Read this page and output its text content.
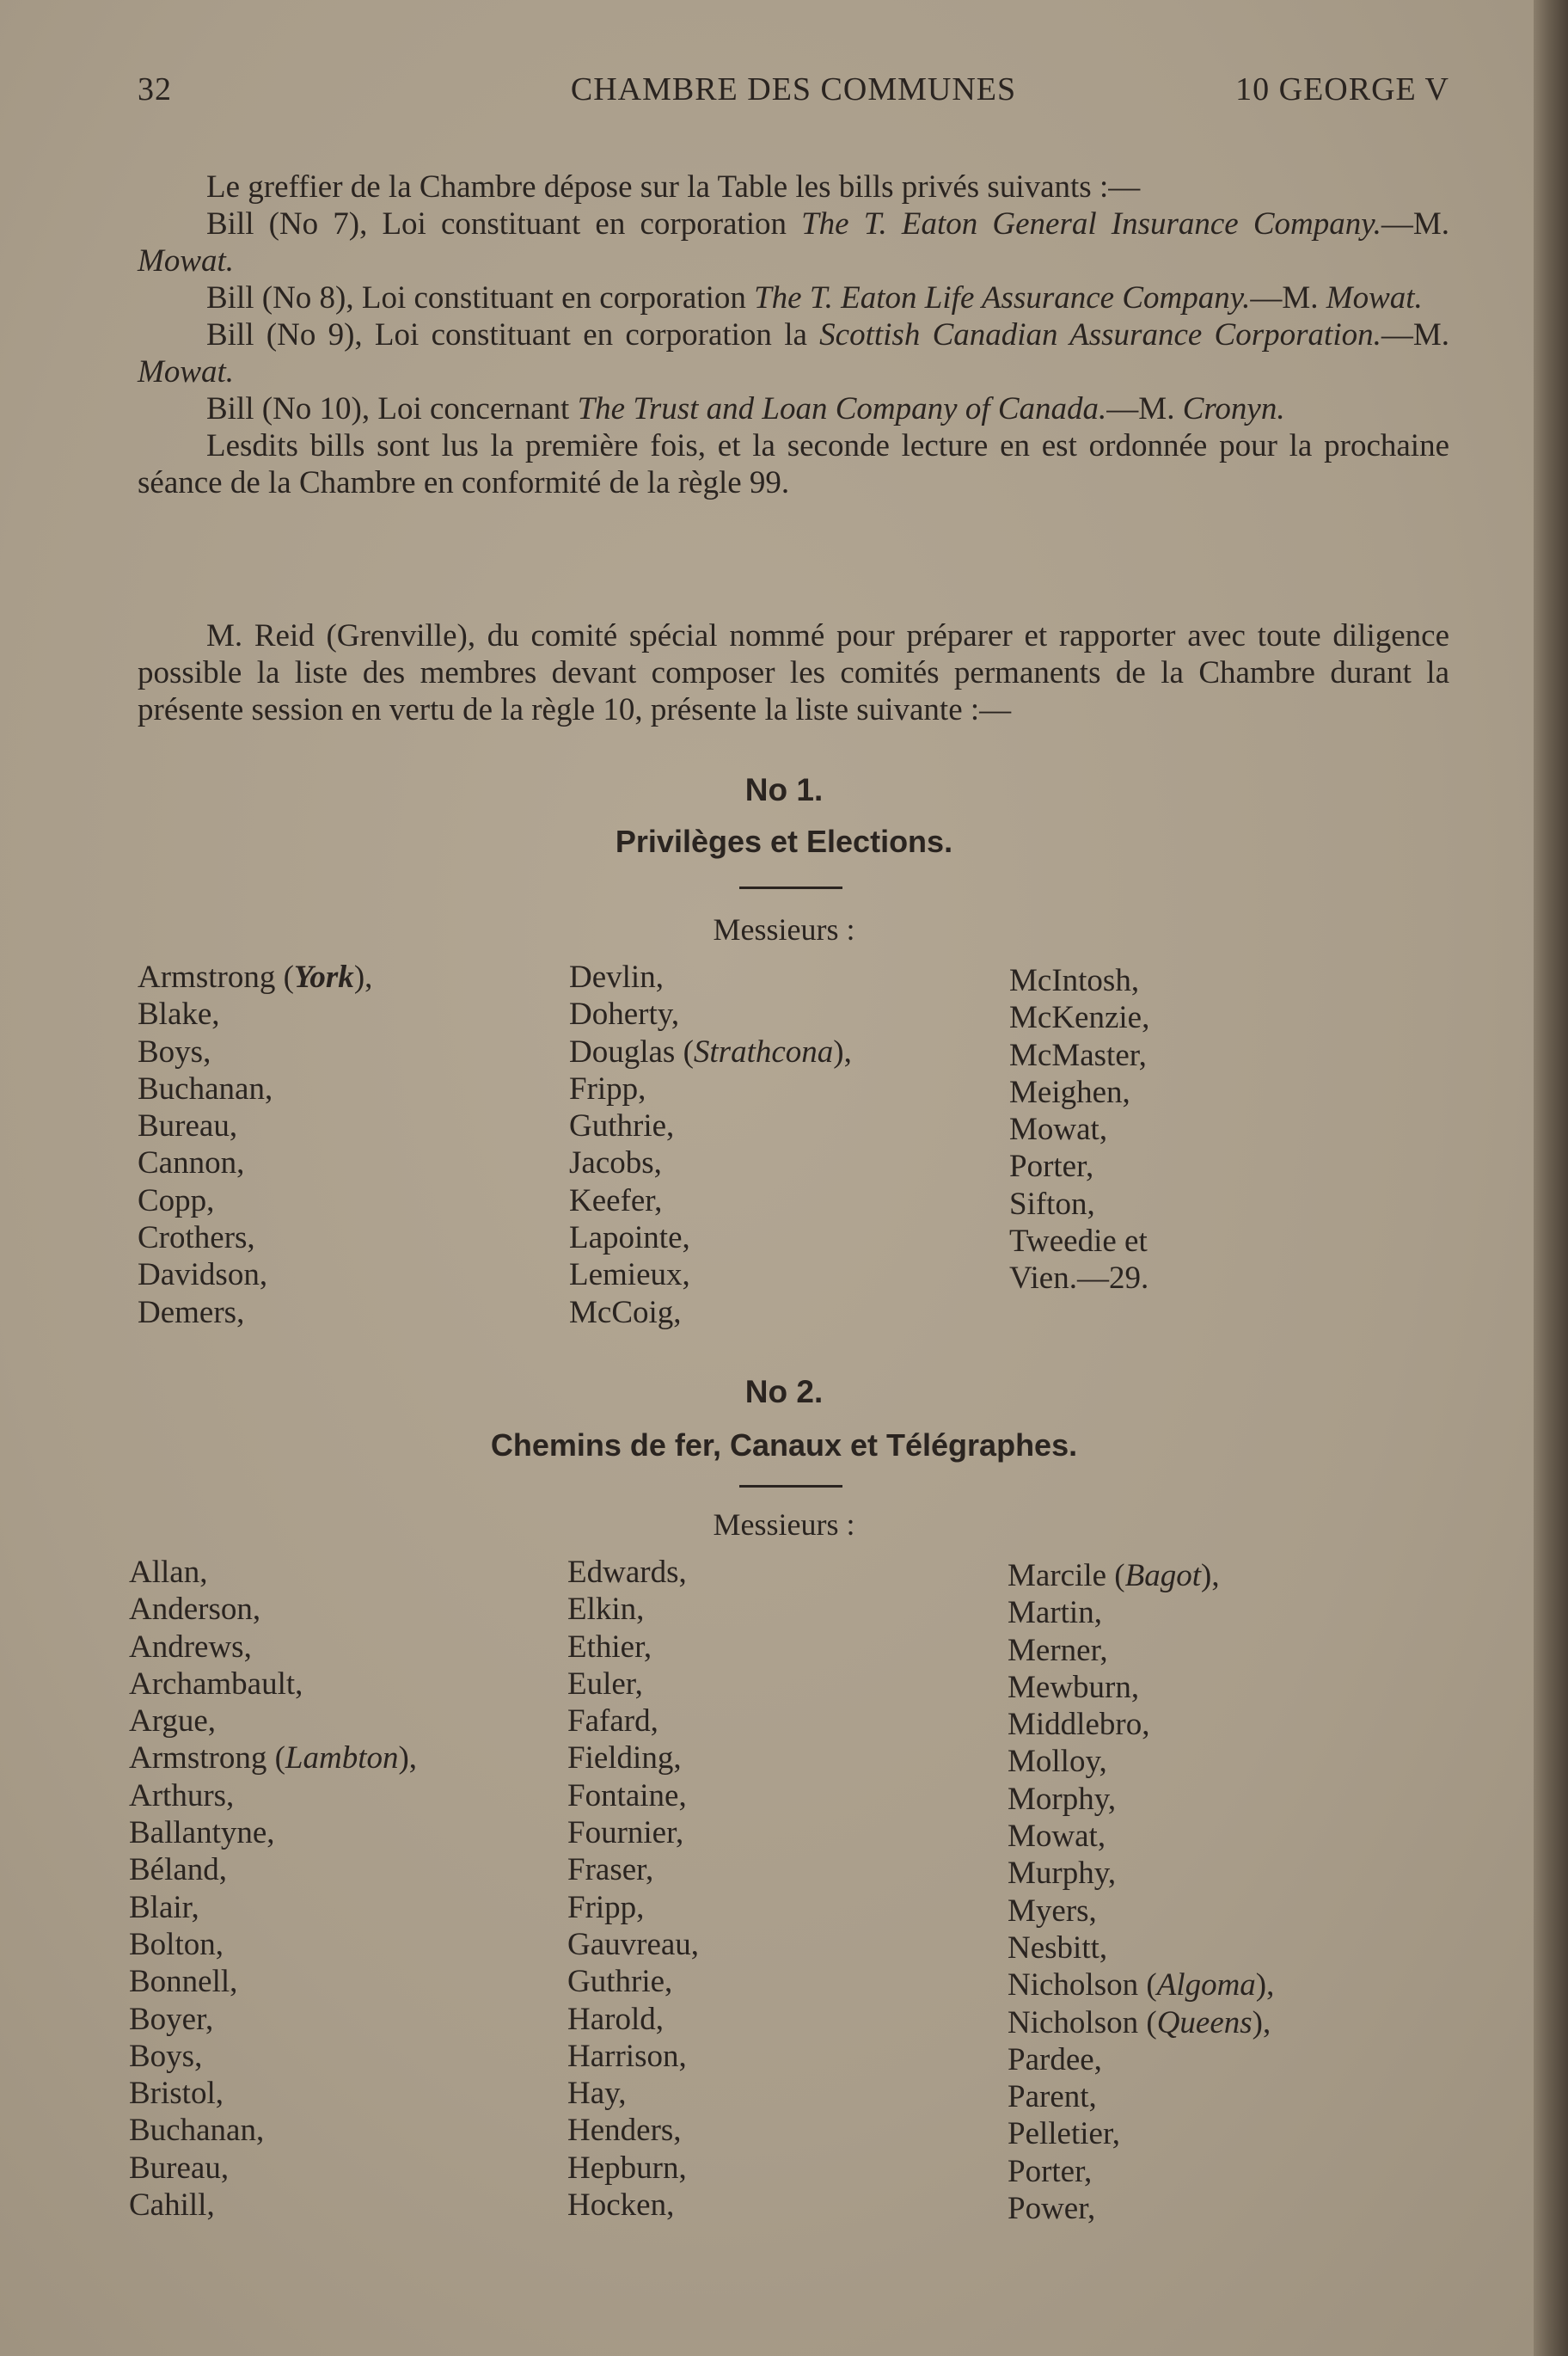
32	CHAMBRE DES COMMUNES	10 GEORGE V

Le greffier de la Chambre dépose sur la Table les bills privés suivants :—

Bill (No 7), Loi constituant en corporation The T. Eaton General Insurance Company.—M. Mowat.

Bill (No 8), Loi constituant en corporation The T. Eaton Life Assurance Company.—M. Mowat.

Bill (No 9), Loi constituant en corporation la Scottish Canadian Assurance Corporation.—M. Mowat.

Bill (No 10), Loi concernant The Trust and Loan Company of Canada.—M. Cronyn.

Lesdits bills sont lus la première fois, et la seconde lecture en est ordonnée pour la prochaine séance de la Chambre en conformité de la règle 99.

M. Reid (Grenville), du comité spécial nommé pour préparer et rapporter avec toute diligence possible la liste des membres devant composer les comités permanents de la Chambre durant la présente session en vertu de la règle 10, présente la liste suivante :—

No 1.
Privilèges et Elections.
Messieurs :
Armstrong (York),
Blake,
Boys,
Buchanan,
Bureau,
Cannon,
Copp,
Crothers,
Davidson,
Demers,
Devlin,
Doherty,
Douglas (Strathcona),
Fripp,
Guthrie,
Jacobs,
Keefer,
Lapointe,
Lemieux,
McCoig,
McIntosh,
McKenzie,
McMaster,
Meighen,
Mowat,
Porter,
Sifton,
Tweedie et
Vien.—29.
No 2.
Chemins de fer, Canaux et Télégraphes.
Messieurs :
Allan,
Anderson,
Andrews,
Archambault,
Argue,
Armstrong (Lambton),
Arthurs,
Ballantyne,
Béland,
Blair,
Bolton,
Bonnell,
Boyer,
Boys,
Bristol,
Buchanan,
Bureau,
Cahill,
Edwards,
Elkin,
Ethier,
Euler,
Fafard,
Fielding,
Fontaine,
Fournier,
Fraser,
Fripp,
Gauvreau,
Guthrie,
Harold,
Harrison,
Hay,
Henders,
Hepburn,
Hocken,
Marcile (Bagot),
Martin,
Merner,
Mewburn,
Middlebro,
Molloy,
Morphy,
Mowat,
Murphy,
Myers,
Nesbitt,
Nicholson (Algoma),
Nicholson (Queens),
Pardee,
Parent,
Pelletier,
Porter,
Power,
